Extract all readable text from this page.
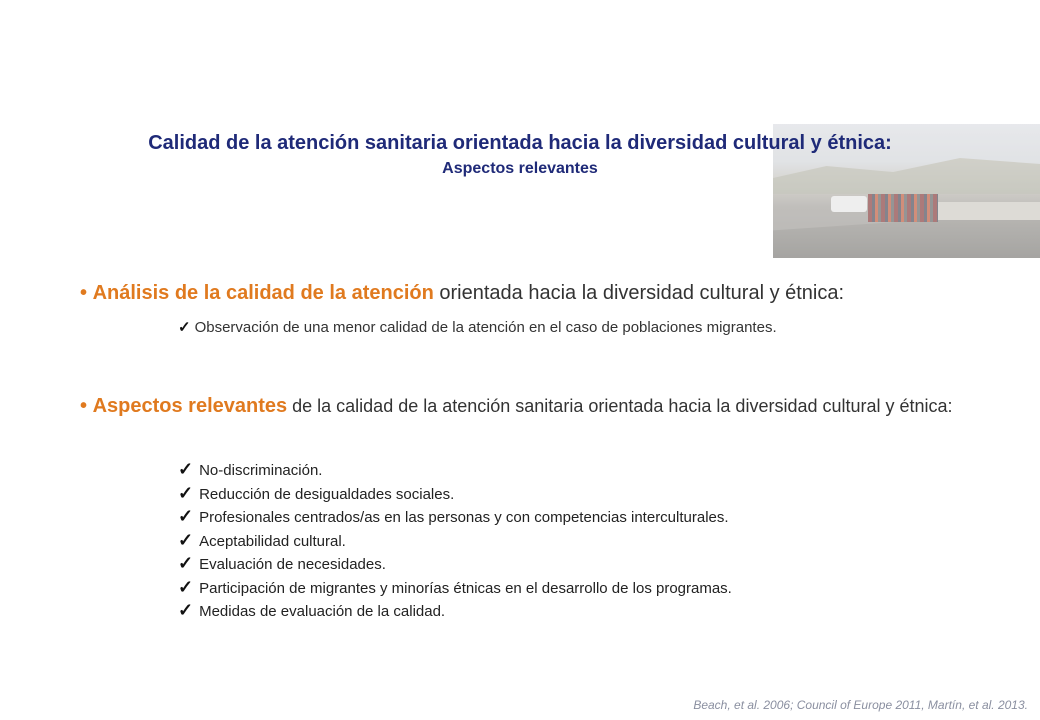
Calidad de la atención sanitaria orientada hacia la diversidad cultural y étnica:
Aspectos relevantes
• Análisis de la calidad de la atención orientada hacia la diversidad cultural y étnica:
✓ Observación de una menor calidad de la atención en el caso de poblaciones migrantes.
• Aspectos relevantes de la calidad de la atención sanitaria orientada hacia la diversidad cultural y étnica:
✓ No-discriminación.
✓ Reducción de desigualdades sociales.
✓ Profesionales centrados/as en las personas y con competencias interculturales.
✓ Aceptabilidad cultural.
✓ Evaluación de necesidades.
✓ Participación de migrantes y minorías étnicas en el desarrollo de los programas.
✓ Medidas de evaluación de la calidad.
Beach, et al. 2006; Council of Europe 2011, Martín, et al. 2013.
